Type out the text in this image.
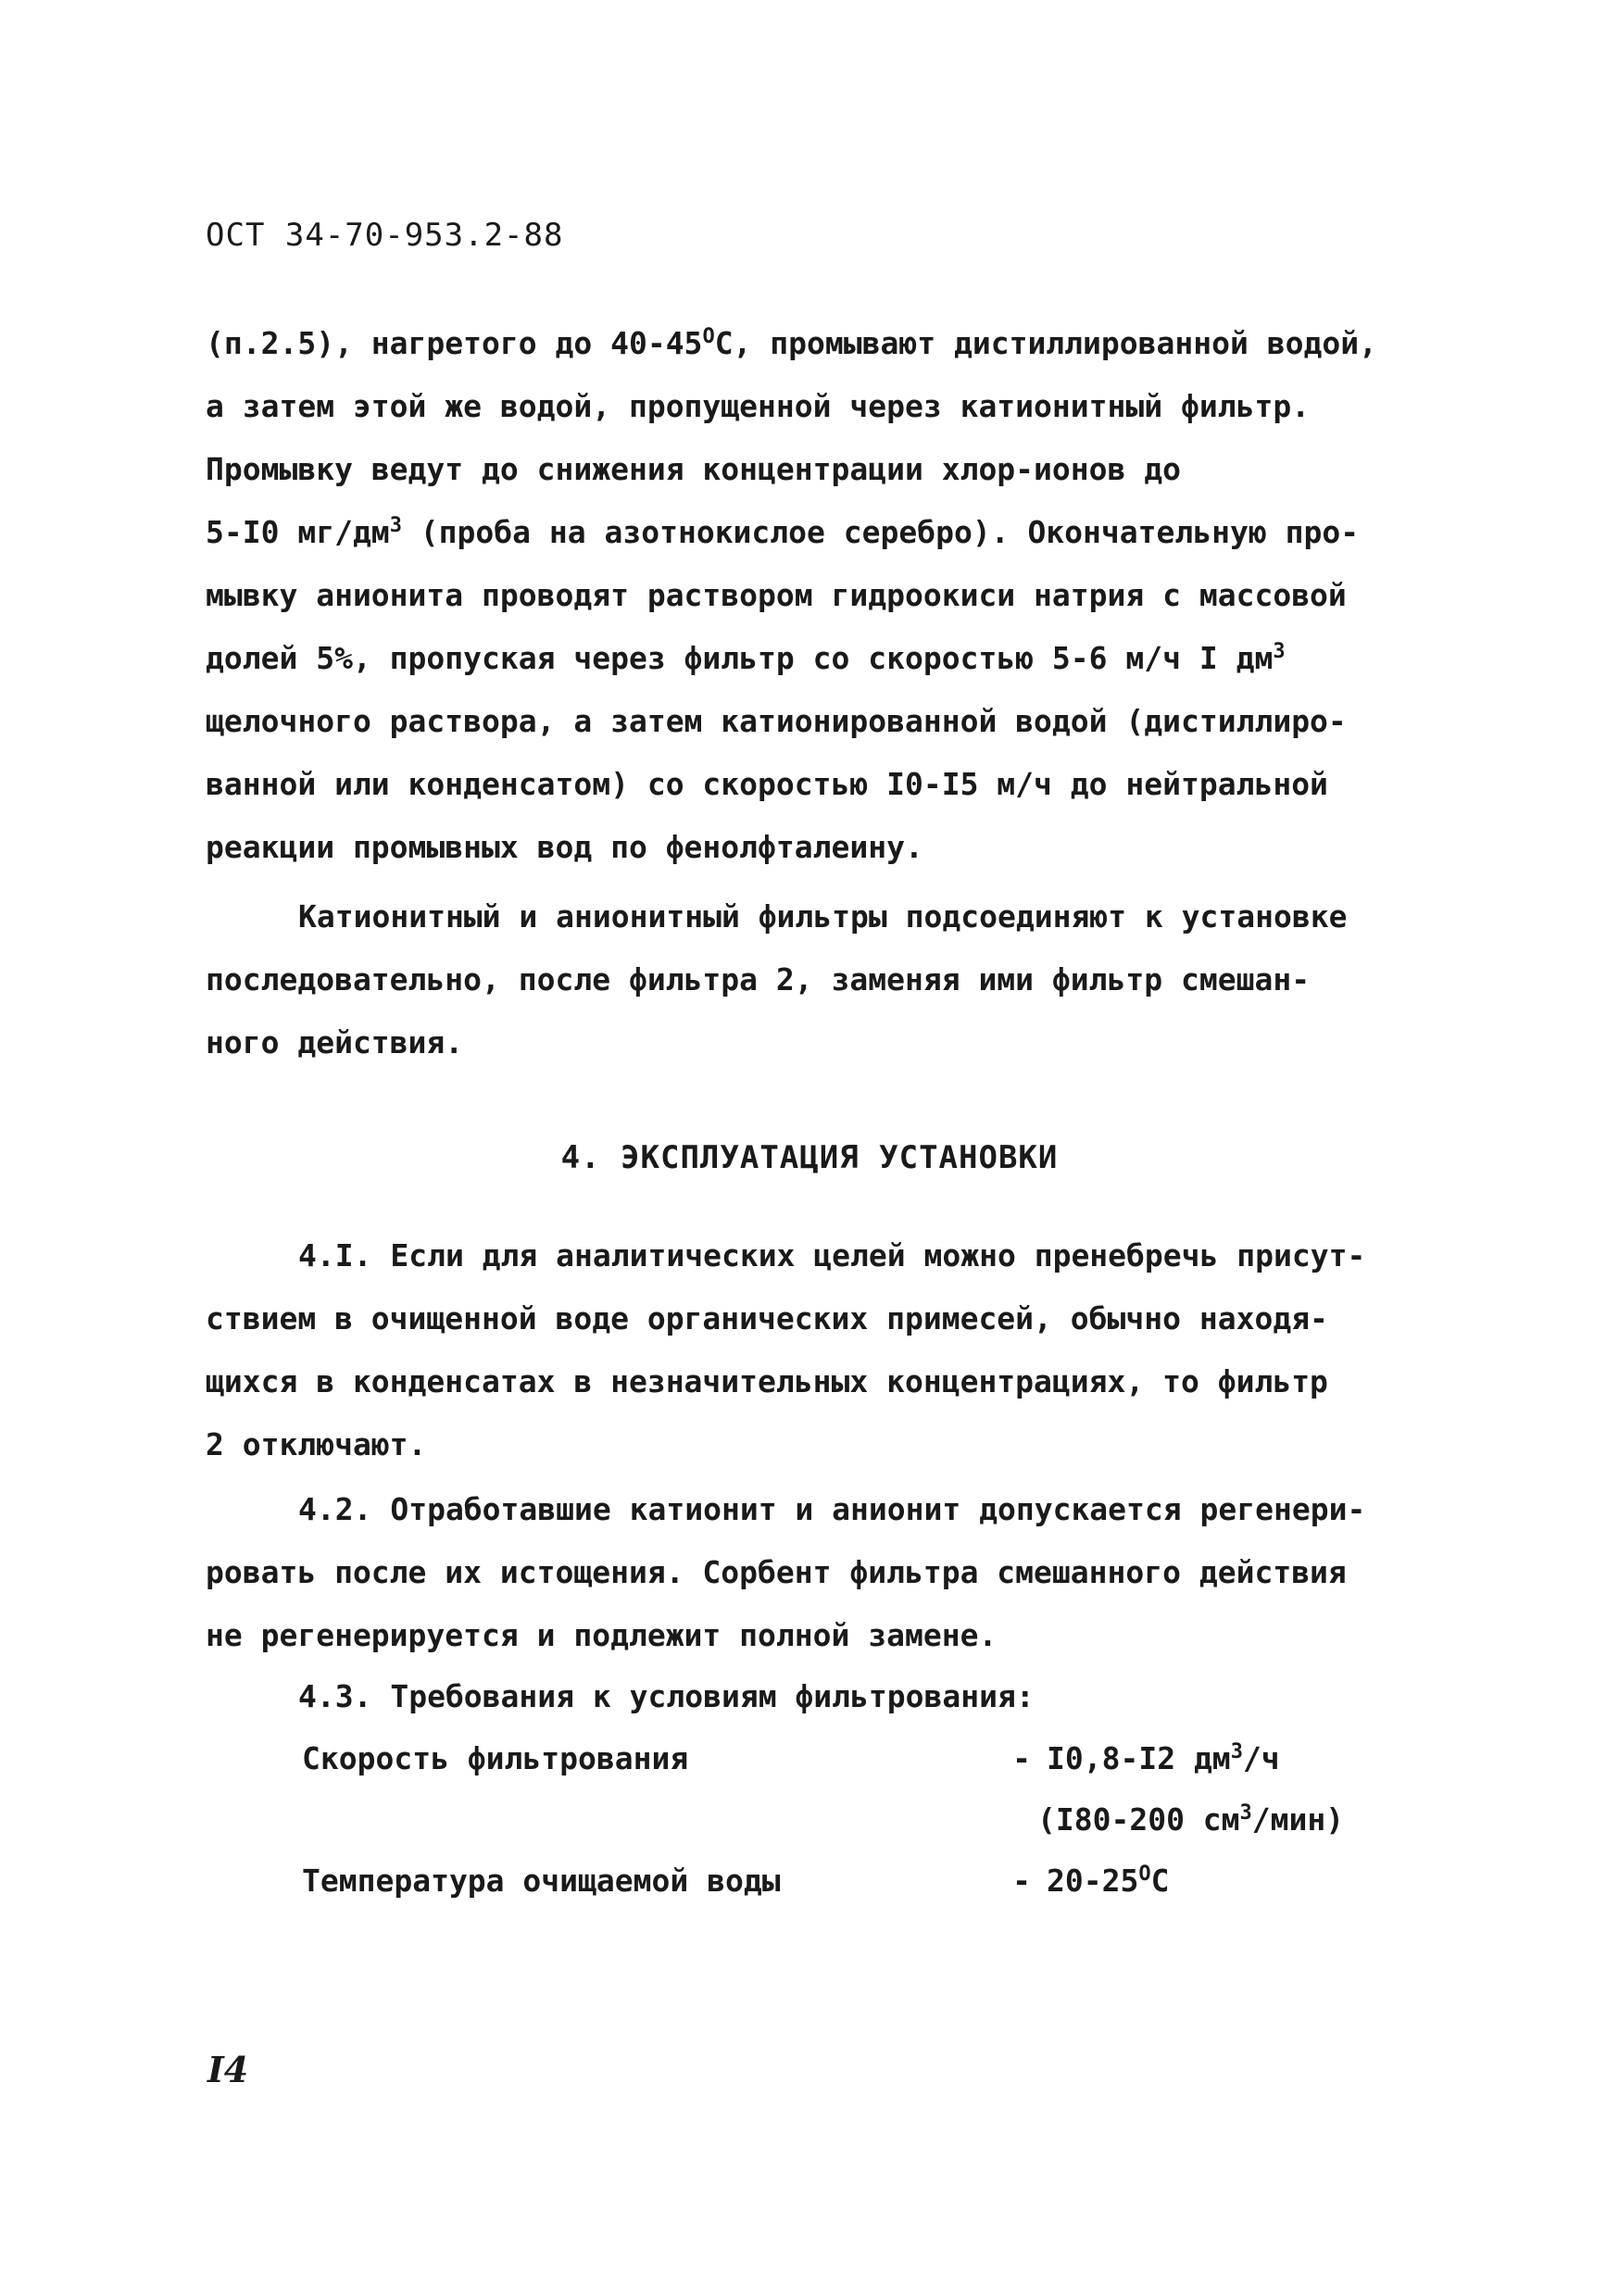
ОСТ 34-70-953.2-88
(п.2.5), нагретого до $40-45^ОС$, промывают дистиллированной водой,
а затем этой же водой, пропущенной через катионитный фильтр.
Промывку ведут до снижения концентрации хлор-ионов до
5-I0 $мг/дм^3$ (проба на азотнокислое серебро). Окончательную про-
мывку анионита проводят раствором гидроокиси натрия с массовой
долей 5%, пропуская через фильтр со скоростью 5-6 м/ч I $дм^3$
щелочного раствора, а затем катионированной водой (дистиллиро-
ванной или конденсатом) со скоростью I0-I5 м/ч до нейтральной
реакции промывных вод по фенолфталеину.
Катионитный и анионитный фильтры подсоединяют к установке
последовательно, после фильтра 2, заменяя ими фильтр смешан-
ного действия.
4. ЭКСПЛУАТАЦИЯ УСТАНОВКИ
4.I. Если для аналитических целей можно пренебречь присут-
ствием в очищенной воде органических примесей, обычно находя-
щихся в конденсатах в незначительных концентрациях, то фильтр
2 отключают.
4.2. Отработавшие катионит и анионит допускается регенери-
ровать после их истощения. Сорбент фильтра смешанного действия
не регенерируется и подлежит полной замене.
4.3. Требования к условиям фильтрования:
Скорость фильтрования	- I0,8-I2 $дм^3/ч$
(I80-200 $см^3/мин$)
Температура очищаемой воды	- $20-25^ОС$
I4
